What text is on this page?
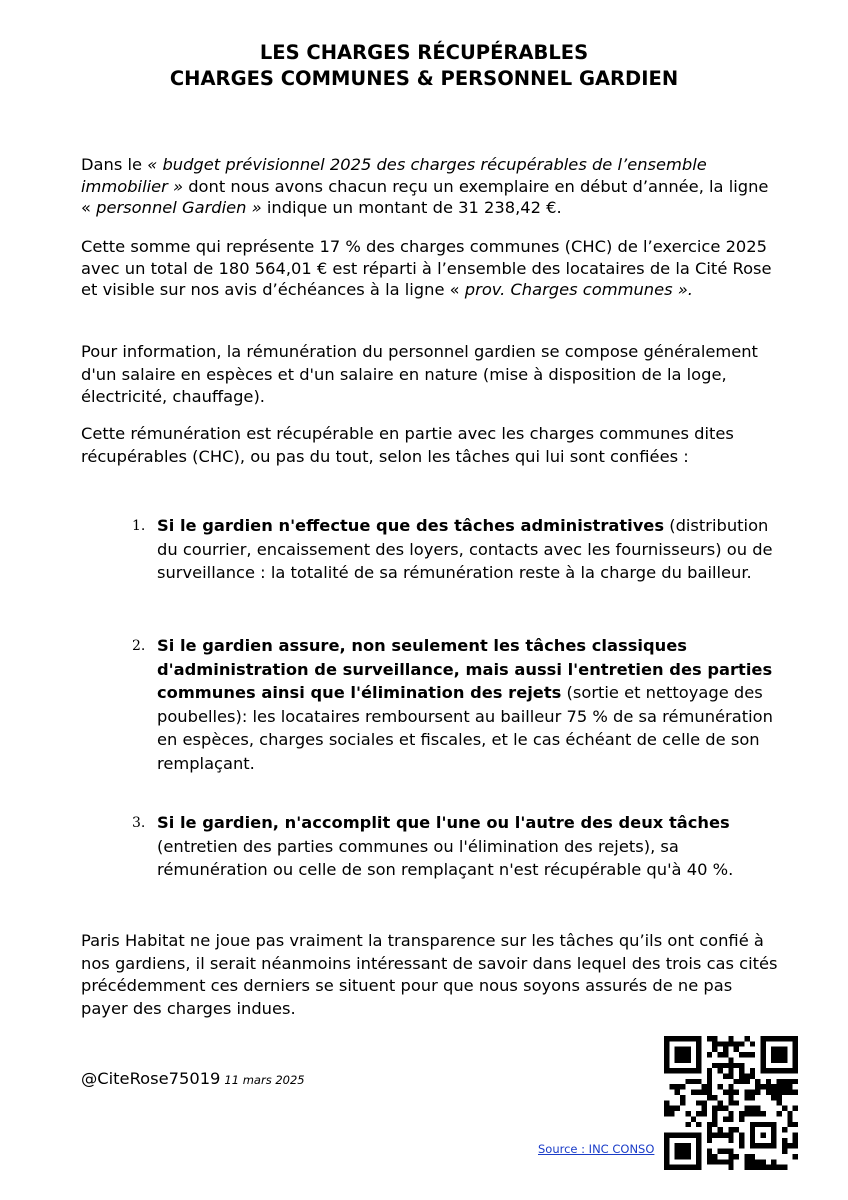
LES CHARGES RÉCUPÉRABLES
CHARGES COMMUNES & PERSONNEL GARDIEN

Dans le « budget prévisionnel 2025 des charges récupérables de l’ensemble immobilier » dont nous avons chacun reçu un exemplaire en début d’année, la ligne « personnel Gardien » indique un montant de 31 238,42 €.

Cette somme qui représente 17 % des charges communes (CHC) de l’exercice 2025 avec un total de 180 564,01 € est réparti à l’ensemble des locataires de la Cité Rose et visible sur nos avis d’échéances à la ligne « prov. Charges communes ».

Pour information, la rémunération du personnel gardien se compose généralement d'un salaire en espèces et d'un salaire en nature (mise à disposition de la loge, électricité, chauffage).

Cette rémunération est récupérable en partie avec les charges communes dites récupérables (CHC), ou pas du tout, selon les tâches qui lui sont confiées :

1. Si le gardien n'effectue que des tâches administratives (distribution du courrier, encaissement des loyers, contacts avec les fournisseurs) ou de surveillance : la totalité de sa rémunération reste à la charge du bailleur.
2. Si le gardien assure, non seulement les tâches classiques d'administration de surveillance, mais aussi l'entretien des parties communes ainsi que l'élimination des rejets (sortie et nettoyage des poubelles): les locataires remboursent au bailleur 75 % de sa rémunération en espèces, charges sociales et fiscales, et le cas échéant de celle de son remplaçant.
3. Si le gardien, n'accomplit que l'une ou l'autre des deux tâches (entretien des parties communes ou l'élimination des rejets), sa rémunération ou celle de son remplaçant n'est récupérable qu'à 40 %.

Paris Habitat ne joue pas vraiment la transparence sur les tâches qu’ils ont confié à nos gardiens, il serait néanmoins intéressant de savoir dans lequel des trois cas cités précédemment ces derniers se situent pour que nous soyons assurés de ne pas payer des charges indues.

@CiteRose75019 11 mars 2025
Source : INC CONSO
